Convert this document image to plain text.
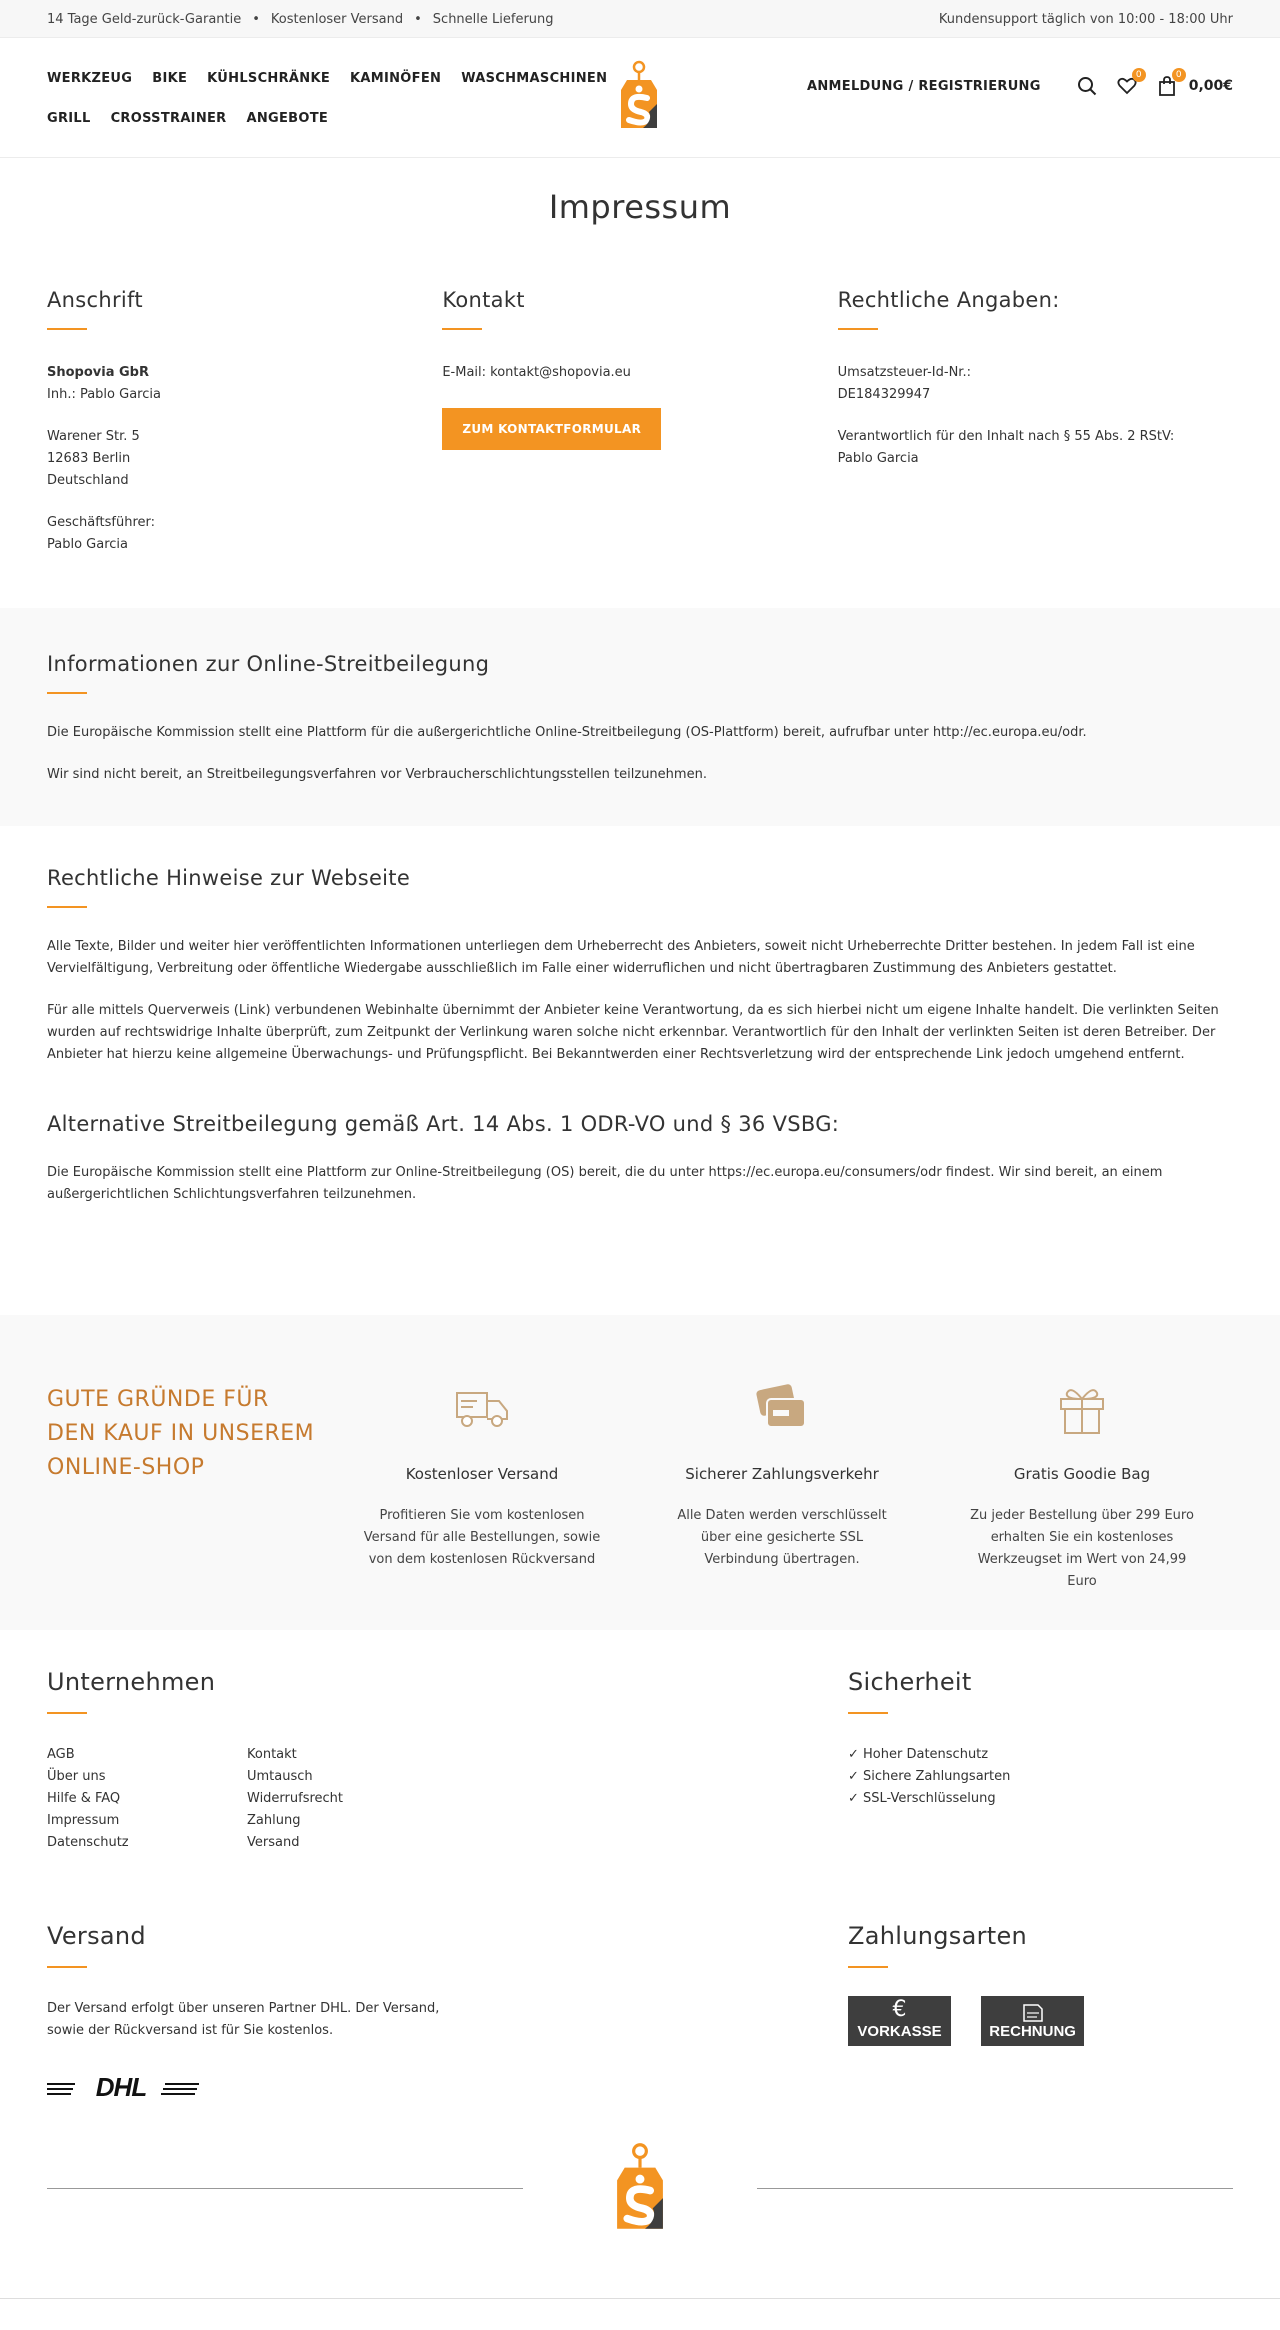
14 Tage Geld-zurück-Garantie • Kostenloser Versand • Schnelle Lieferung	Kundensupport täglich von 10:00 - 18:00 Uhr
WERKZEUG BIKE KÜHLSCHRÄNKE KAMINÖFEN WASCHMASCHINEN
GRILL CROSSTRAINER ANGEBOTE
ANMELDUNG / REGISTRIERUNG
0	0
0,00€
Impressum
Anschrift

Shopovia GbR

Inh.: Pablo Garcia

Warener Str. 5

12683 Berlin

Deutschland

Geschäftsführer:

Pablo Garcia

Kontakt

E-Mail: kontakt@shopovia.eu

ZUM KONTAKTFORMULAR
Rechtliche Angaben:

Umsatzsteuer-Id-Nr.:

DE184329947

Verantwortlich für den Inhalt nach § 55 Abs. 2 RStV:

Pablo Garcia

Informationen zur Online-Streitbeilegung

Die Europäische Kommission stellt eine Plattform für die außergerichtliche Online-Streitbeilegung (OS-Plattform) bereit, aufrufbar unter http://ec.europa.eu/odr.

Wir sind nicht bereit, an Streitbeilegungsverfahren vor Verbraucherschlichtungsstellen teilzunehmen.

Rechtliche Hinweise zur Webseite

Alle Texte, Bilder und weiter hier veröffentlichten Informationen unterliegen dem Urheberrecht des Anbieters, soweit nicht Urheberrechte Dritter bestehen. In jedem Fall ist eine Vervielfältigung, Verbreitung oder öffentliche Wiedergabe ausschließlich im Falle einer widerruflichen und nicht übertragbaren Zustimmung des Anbieters gestattet.

Für alle mittels Querverweis (Link) verbundenen Webinhalte übernimmt der Anbieter keine Verantwortung, da es sich hierbei nicht um eigene Inhalte handelt. Die verlinkten Seiten wurden auf rechtswidrige Inhalte überprüft, zum Zeitpunkt der Verlinkung waren solche nicht erkennbar. Verantwortlich für den Inhalt der verlinkten Seiten ist deren Betreiber. Der Anbieter hat hierzu keine allgemeine Überwachungs- und Prüfungspflicht. Bei Bekanntwerden einer Rechtsverletzung wird der entsprechende Link jedoch umgehend entfernt.

Alternative Streitbeilegung gemäß Art. 14 Abs. 1 ODR-VO und § 36 VSBG:

Die Europäische Kommission stellt eine Plattform zur Online-Streitbeilegung (OS) bereit, die du unter https://ec.europa.eu/consumers/odr findest. Wir sind bereit, an einem außergerichtlichen Schlichtungsverfahren teilzunehmen.

GUTE GRÜNDE FÜR
DEN KAUF IN UNSEREM
ONLINE-SHOP	Kostenloser Versand
Profitieren Sie vom kostenlosen Versand für alle Bestellungen, sowie von dem kostenlosen Rückversand
Sicherer Zahlungsverkehr
Alle Daten werden verschlüsselt über eine gesicherte SSL Verbindung übertragen.
Gratis Goodie Bag
Zu jeder Bestellung über 299 Euro erhalten Sie ein kostenloses Werkzeugset im Wert von 24,99 Euro
Unternehmen
AGB
Über uns
Hilfe & FAQ
Impressum
Datenschutz
Kontakt
Umtausch
Widerrufsrecht
Zahlung
Versand
Sicherheit
✓ Hoher Datenschutz
✓ Sichere Zahlungsarten
✓ SSL-Verschlüsselung
Versand

Der Versand erfolgt über unseren Partner DHL. Der Versand, sowie der Rückversand ist für Sie kostenlos.

DHL
Zahlungsarten
€
VORKASSE
	RECHNUNG
